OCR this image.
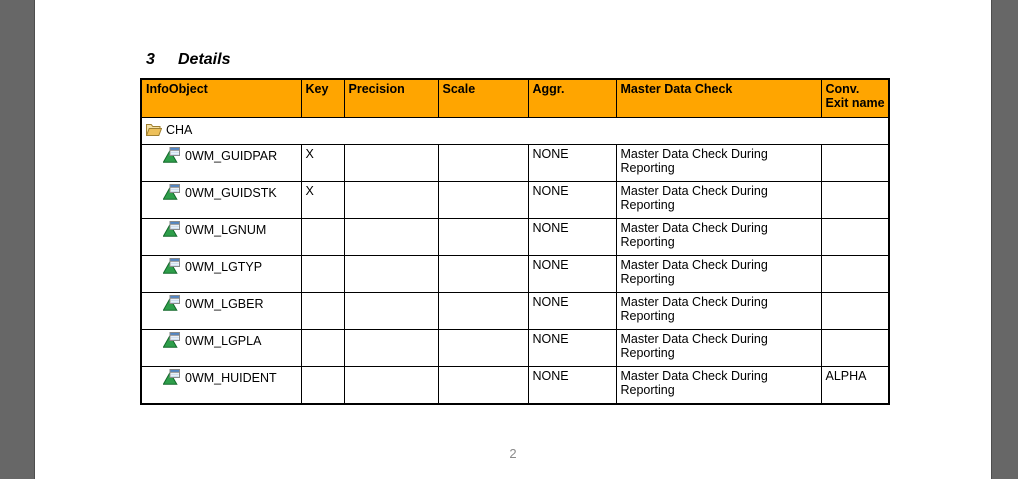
3 Details
InfoObject	Key	Precision	Scale	Aggr.	Master Data Check	Conv.
Exit name
CHA						
0WM_GUIDPAR	X			NONE	Master Data Check During Reporting	
0WM_GUIDSTK	X			NONE	Master Data Check During Reporting	
0WM_LGNUM				NONE	Master Data Check During Reporting	
0WM_LGTYP				NONE	Master Data Check During Reporting	
0WM_LGBER				NONE	Master Data Check During Reporting	
0WM_LGPLA				NONE	Master Data Check During Reporting	
0WM_HUIDENT				NONE	Master Data Check During Reporting	ALPHA
2
